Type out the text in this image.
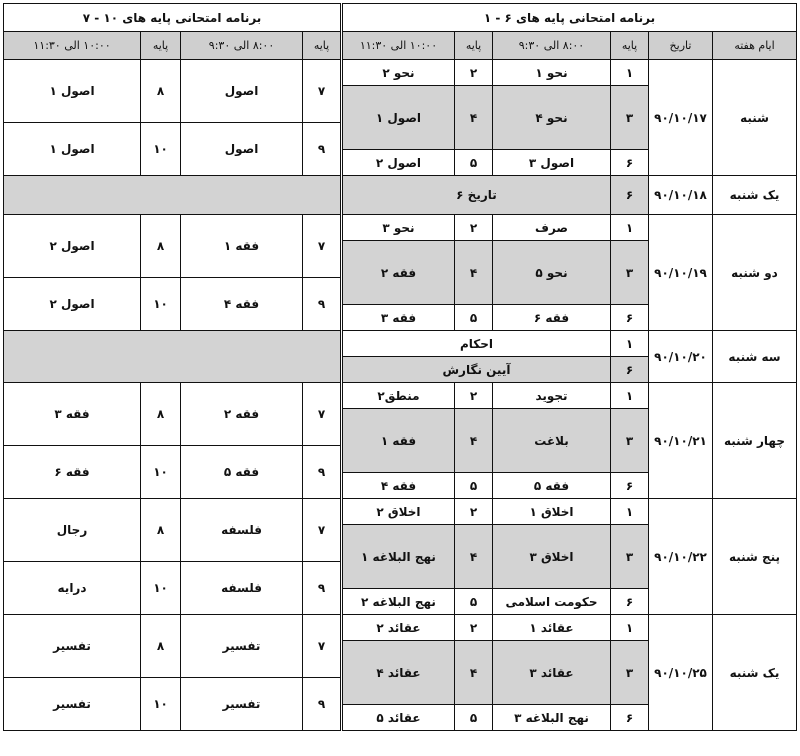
برنامه امتحانی پایه های ۶ - ۱					
ایام هفته	تاریخ	پایه	۸:۰۰ الی ۹:۳۰	پایه	۱۰:۰۰ الی ۱۱:۳۰
شنبه	۹۰/۱۰/۱۷	۱	نحو ۱	۲	نحو ۲
		۳	نحو ۴	۴	اصول ۱
		۶	اصول ۳	۵	اصول ۲
یک شنبه	۹۰/۱۰/۱۸	۶	تاریخ ۶		
دو شنبه	۹۰/۱۰/۱۹	۱	صرف	۲	نحو ۳
		۳	نحو ۵	۴	فقه ۲
		۶	فقه ۶	۵	فقه ۳
سه شنبه	۹۰/۱۰/۲۰	۱	احکام		
		۶	آیین نگارش		
چهار شنبه	۹۰/۱۰/۲۱	۱	تجوید	۲	منطق۲
		۳	بلاغت	۴	فقه ۱
		۶	فقه ۵	۵	فقه ۴
پنج شنبه	۹۰/۱۰/۲۲	۱	اخلاق ۱	۲	اخلاق ۲
		۳	اخلاق ۳	۴	نهج البلاغه ۱
		۶	حکومت اسلامی	۵	نهج البلاغه ۲
یک شنبه	۹۰/۱۰/۲۵	۱	عقائد ۱	۲	عقائد ۲
		۳	عقائد ۳	۴	عقائد ۴
		۶	نهج البلاغه ۳	۵	عقائد ۵
برنامه امتحانی پایه های ۱۰ - ۷			
پایه	۸:۰۰ الی ۹:۳۰	پایه	۱۰:۰۰ الی ۱۱:۳۰
۷	اصول	۸	اصول ۱
۹	اصول	۱۰	اصول ۱

۷	فقه ۱	۸	اصول ۲
۹	فقه ۴	۱۰	اصول ۲

۷	فقه ۲	۸	فقه ۳
۹	فقه ۵	۱۰	فقه ۶
۷	فلسفه	۸	رجال
۹	فلسفه	۱۰	درایه
۷	تفسیر	۸	تفسیر
۹	تفسیر	۱۰	تفسیر
